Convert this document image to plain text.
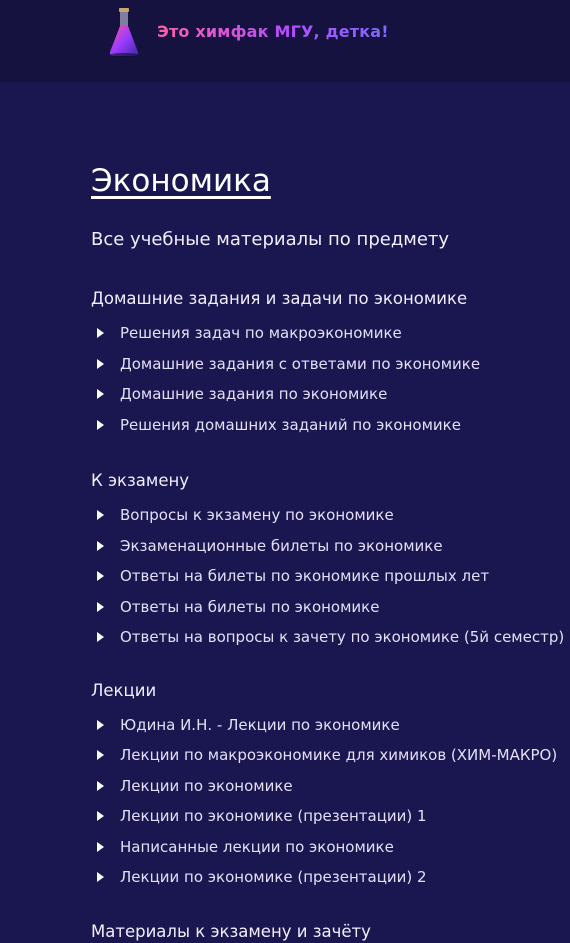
Это химфак МГУ, детка!
Экономика
Все учебные материалы по предмету
Домашние задания и задачи по экономике
Решения задач по макроэкономике
Домашние задания с ответами по экономике
Домашние задания по экономике
Решения домашних заданий по экономике
К экзамену
Вопросы к экзамену по экономике
Экзаменационные билеты по экономике
Ответы на билеты по экономике прошлых лет
Ответы на билеты по экономике
Ответы на вопросы к зачету по экономике (5й семестр)
Лекции
Юдина И.Н. - Лекции по экономике
Лекции по макроэкономике для химиков (ХИМ-МАКРО)
Лекции по экономике
Лекции по экономике (презентации) 1
Написанные лекции по экономике
Лекции по экономике (презентации) 2
Материалы к экзамену и зачёту
